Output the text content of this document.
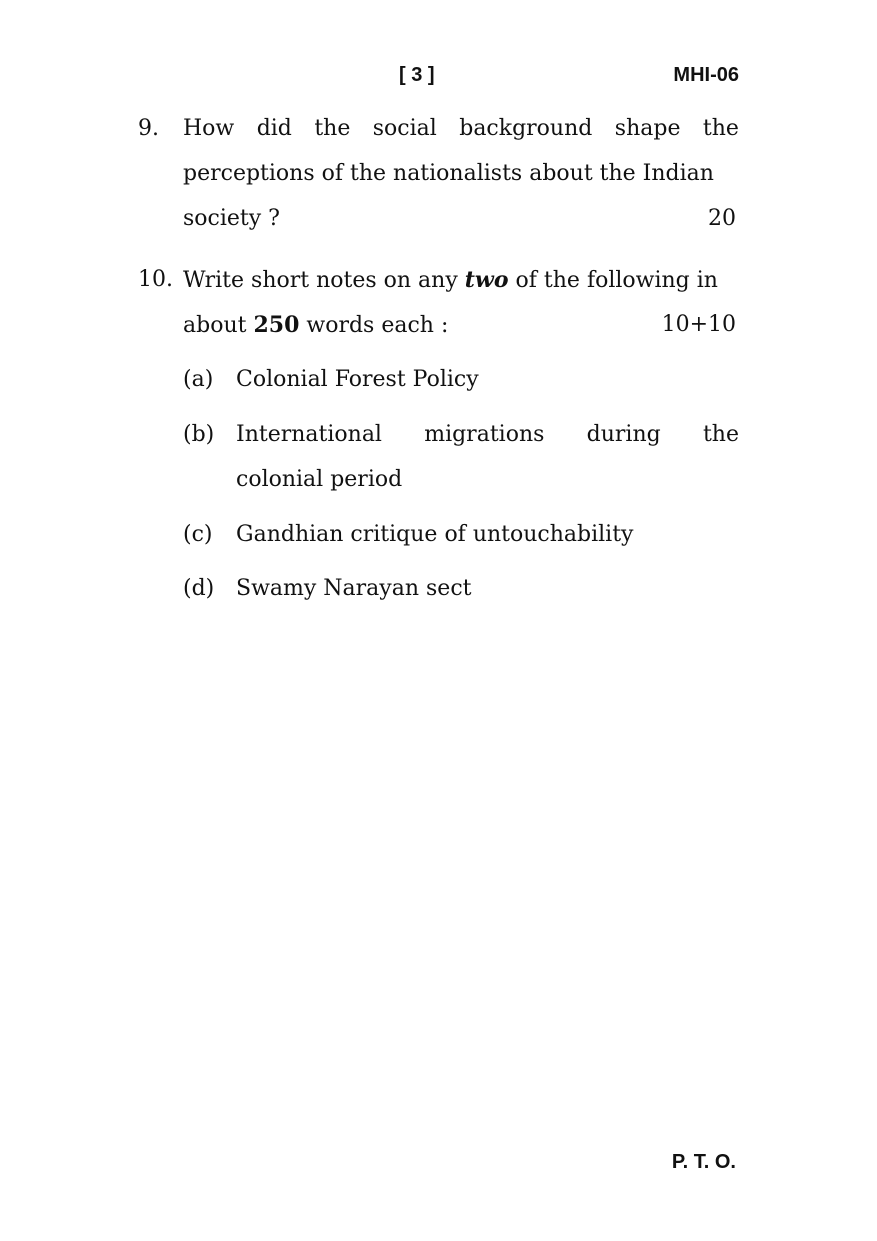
[ 3 ]	MHI-06
9. How did the social background shape the
perceptions of the nationalists about the Indian
society ?	20
10. Write short notes on any two of the following in
about 250 words each :	10+10
(a) Colonial Forest Policy
(b) International migrations during the
colonial period
(c) Gandhian critique of untouchability
(d) Swamy Narayan sect
P. T. O.
